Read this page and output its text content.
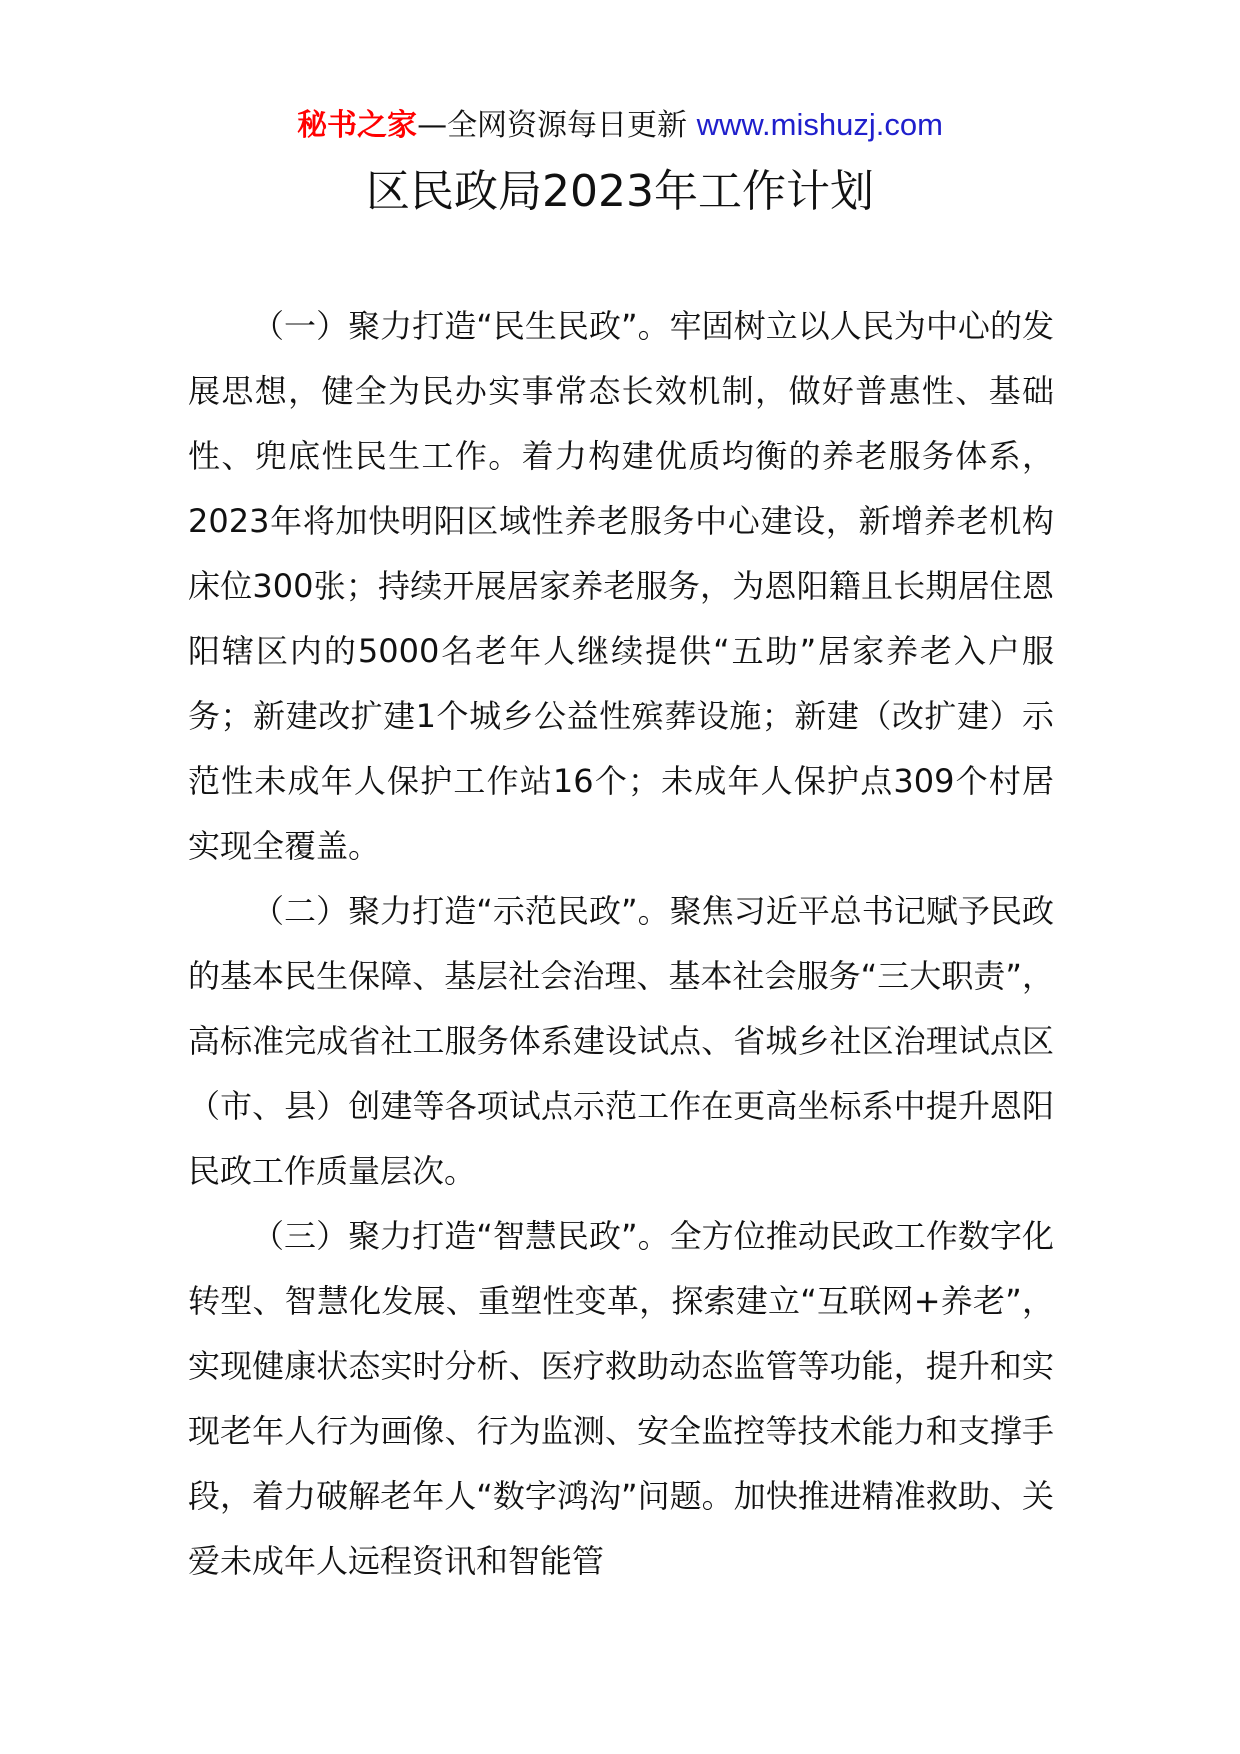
秘书之家—全网资源每日更新 www.mishuzj.com
区民政局2023年工作计划

（一）聚力打造“民生民政”。牢固树立以人民为中心的发展思想，健全为民办实事常态长效机制，做好普惠性、基础性、兜底性民生工作。着力构建优质均衡的养老服务体系，2023年将加快明阳区域性养老服务中心建设，新增养老机构床位300张；持续开展居家养老服务，为恩阳籍且长期居住恩阳辖区内的5000名老年人继续提供“五助”居家养老入户服务；新建改扩建1个城乡公益性殡葬设施；新建（改扩建）示范性未成年人保护工作站16个；未成年人保护点309个村居实现全覆盖。

（二）聚力打造“示范民政”。聚焦习近平总书记赋予民政的基本民生保障、基层社会治理、基本社会服务“三大职责”，高标准完成省社工服务体系建设试点、省城乡社区治理试点区（市、县）创建等各项试点示范工作在更高坐标系中提升恩阳民政工作质量层次。

（三）聚力打造“智慧民政”。全方位推动民政工作数字化转型、智慧化发展、重塑性变革，探索建立“互联网+养老”，实现健康状态实时分析、医疗救助动态监管等功能，提升和实现老年人行为画像、行为监测、安全监控等技术能力和支撑手段，着力破解老年人“数字鸿沟”问题。加快推进精准救助、关爱未成年人远程资讯和智能管
